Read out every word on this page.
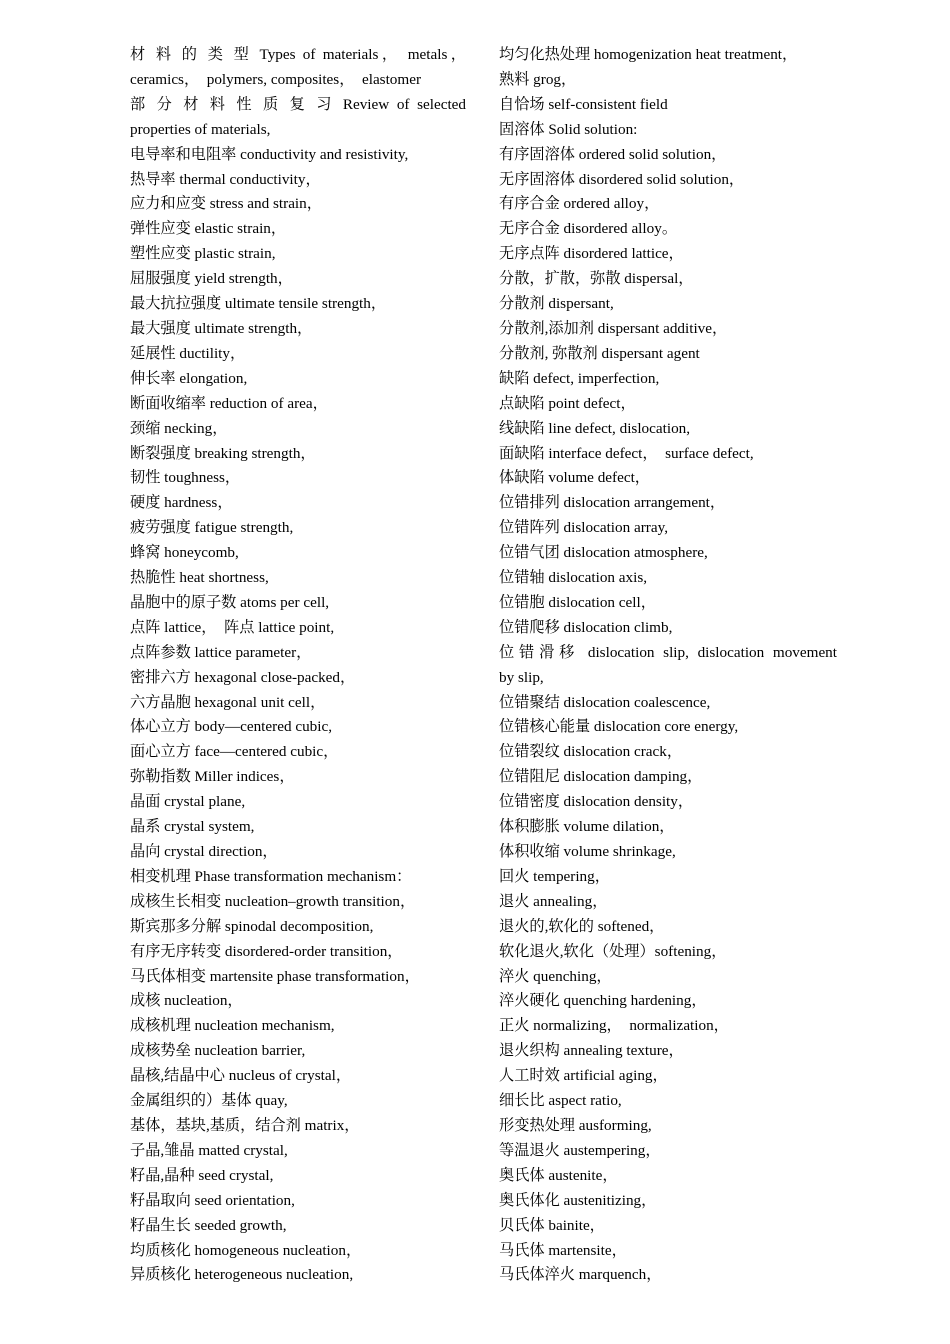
材 料 的 类 型 Types of materials， metals，
ceramics，  polymers, composites，  elastomer
部 分 材 料 性 质 复 习 Review of selected
properties of materials,
电导率和电阻率 conductivity and resistivity,
热导率 thermal conductivity，
应力和应变 stress and strain，
弹性应变 elastic strain，
塑性应变 plastic strain,
屈服强度 yield strength，
最大抗拉强度 ultimate tensile strength，
最大强度 ultimate strength，
延展性 ductility，
伸长率 elongation,
断面收缩率 reduction of area，
颈缩 necking，
断裂强度 breaking strength，
韧性 toughness，
硬度 hardness，
疲劳强度 fatigue strength,
蜂窝 honeycomb,
热脆性 heat shortness,
晶胞中的原子数 atoms per cell,
点阵 lattice，  阵点 lattice point,
点阵参数 lattice parameter，
密排六方 hexagonal close-packed，
六方晶胞 hexagonal unit cell，
体心立方 body—centered cubic,
面心立方 face—centered cubic，
弥勒指数 Miller indices，
晶面 crystal plane,
晶系 crystal system,
晶向 crystal direction，
相变机理 Phase transformation mechanism：
成核生长相变 nucleation–growth transition，
斯宾那多分解 spinodal decomposition,
有序无序转变 disordered-order transition，
马氏体相变 martensite phase transformation，
成核 nucleation，
成核机理 nucleation mechanism,
成核势垒 nucleation barrier,
晶核,结晶中心 nucleus of crystal，
金属组织的）基体 quay,
基体，基块,基质，结合剂 matrix，
子晶,雏晶 matted crystal,
籽晶,晶种 seed crystal,
籽晶取向 seed orientation,
籽晶生长 seeded growth,
均质核化 homogeneous nucleation，
异质核化 heterogeneous nucleation,
均匀化热处理 homogenization heat treatment，
熟料 grog，
自恰场 self-consistent field
固溶体 Solid solution:
有序固溶体 ordered solid solution，
无序固溶体 disordered solid solution，
有序合金 ordered alloy，
无序合金 disordered alloy。
无序点阵 disordered lattice，
分散，扩散，弥散 dispersal，
分散剂 dispersant,
分散剂,添加剂 dispersant additive，
分散剂, 弥散剂 dispersant agent
缺陷 defect, imperfection,
点缺陷 point defect，
线缺陷 line defect, dislocation,
面缺陷 interface defect，  surface defect,
体缺陷 volume defect，
位错排列 dislocation arrangement，
位错阵列 dislocation array,
位错气团 dislocation atmosphere,
位错轴 dislocation axis,
位错胞 dislocation cell，
位错爬移 dislocation climb,
位错滑移 dislocation slip, dislocation movement
by slip,
位错聚结 dislocation coalescence,
位错核心能量 dislocation core energy,
位错裂纹 dislocation crack，
位错阻尼 dislocation damping，
位错密度 dislocation density，
体积膨胀 volume dilation，
体积收缩 volume shrinkage,
回火 tempering，
退火 annealing，
退火的,软化的 softened，
软化退火,软化（处理）softening，
淬火 quenching，
淬火硬化 quenching hardening，
正火 normalizing，  normalization，
退火织构 annealing texture，
人工时效 artificial aging，
细长比 aspect ratio,
形变热处理 ausforming,
等温退火 austempering，
奥氏体 austenite，
奥氏体化 austenitizing，
贝氏体 bainite，
马氏体 martensite，
马氏体淬火 marquench，
